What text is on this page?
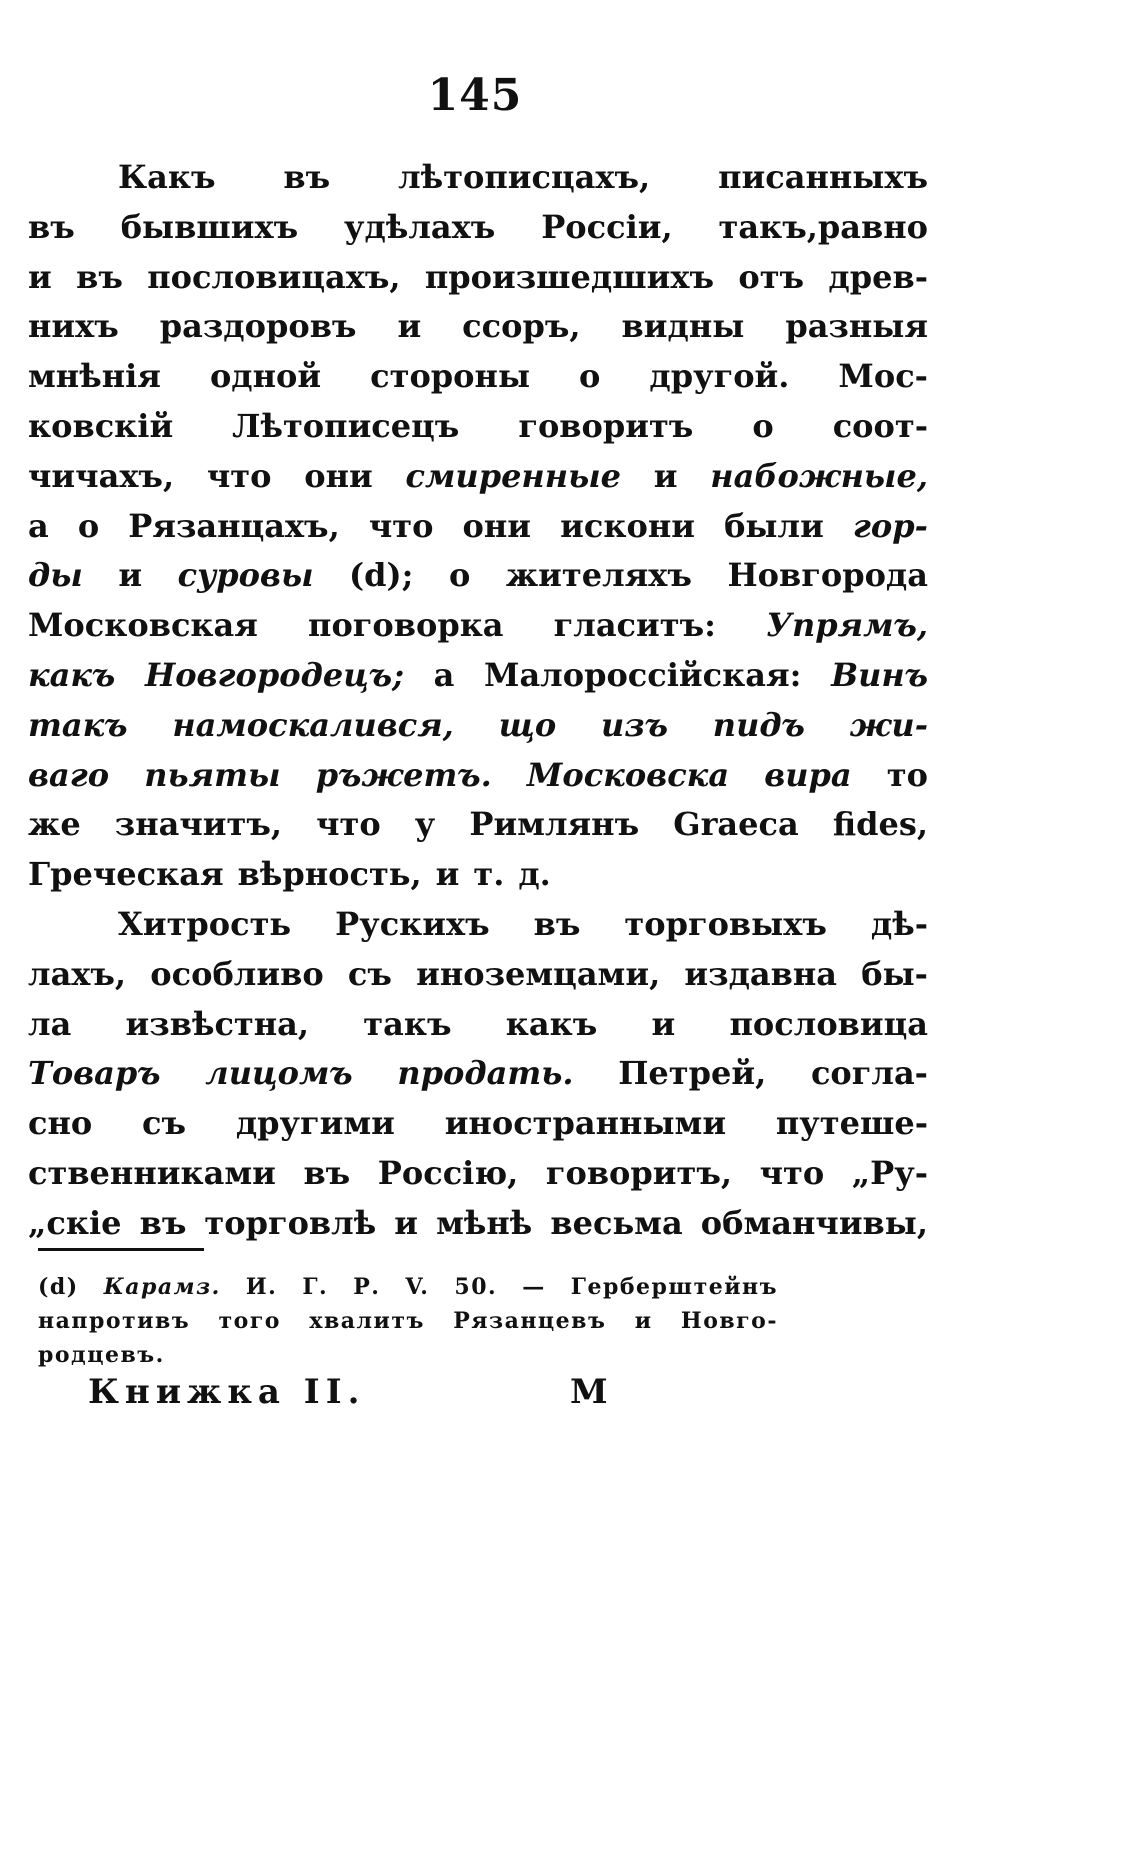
145
Какъ въ лѣтописцахъ, писанныхъ
въ бывшихъ удѣлахъ Россіи, такъ,равно
и въ пословицахъ, произшедшихъ отъ древ-
нихъ раздоровъ и ссоръ, видны разныя
мнѣнія одной стороны о другой. Мос-
ковскій Лѣтописецъ говоритъ о соот-
чичахъ, что они смиренные и набожные,
а о Рязанцахъ, что они искони были гор-
ды и суровы (d); о жителяхъ Новгорода
Московская поговорка гласитъ: Упрямъ,
какъ Новгородецъ; а Малороссійская: Винъ
такъ намоскалився, що изъ пидъ жи-
ваго пьяты ръжетъ. Московска вира то
же значитъ, что у Римлянъ Graeca fides,
Греческая вѣрность, и т. д.
Хитрость Рускихъ въ торговыхъ дѣ-
лахъ, особливо съ иноземцами, издавна бы-
ла извѣстна, такъ какъ и пословица
Товаръ лицомъ продать. Петрей, согла-
сно съ другими иностранными путеше-
ственниками въ Россію, говоритъ, что „Ру-
„скіе въ торговлѣ и мѣнѣ весьма обманчивы,
(d) Карамз. И. Г. Р. V. 50. — Герберштейнъ
напротивъ того хвалитъ Рязанцевъ и Новго-
родцевъ.
Книжка II.	M
